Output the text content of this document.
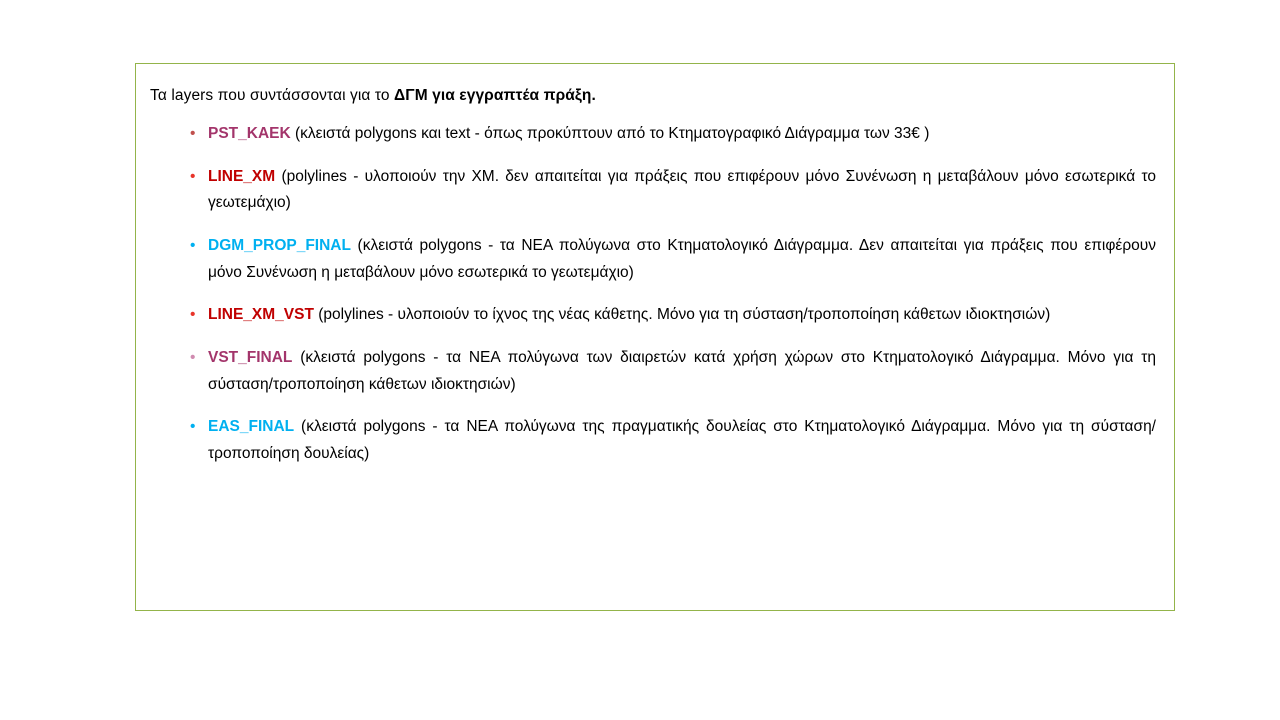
Τα layers που συντάσσονται για το ΔΓΜ για εγγραπτέα πράξη.

• PST_KAEK (κλειστά polygons και text - όπως προκύπτουν από το Κτηματογραφικό Διάγραμμα των 33€ )
• LINE_XM (polylines - υλοποιούν την ΧΜ. δεν απαιτείται για πράξεις που επιφέρουν μόνο Συνένωση η μεταβάλουν μόνο εσωτερικά το γεωτεμάχιο)
• DGM_PROP_FINAL (κλειστά polygons - τα ΝΕΑ πολύγωνα στο Κτηματολογικό Διάγραμμα. Δεν απαιτείται για πράξεις που επιφέρουν μόνο Συνένωση η μεταβάλουν μόνο εσωτερικά το γεωτεμάχιο)
• LINE_XM_VST (polylines - υλοποιούν το ίχνος της νέας κάθετης. Μόνο για τη σύσταση/τροποποίηση κάθετων ιδιοκτησιών)
• VST_FINAL (κλειστά polygons - τα ΝΕΑ πολύγωνα των διαιρετών κατά χρήση χώρων στο Κτηματολογικό Διάγραμμα. Μόνο για τη σύσταση/τροποποίηση κάθετων ιδιοκτησιών)
• EAS_FINAL (κλειστά polygons - τα ΝΕΑ πολύγωνα της πραγματικής δουλείας στο Κτηματολογικό Διάγραμμα. Μόνο για τη σύσταση/τροποποίηση δουλείας)
